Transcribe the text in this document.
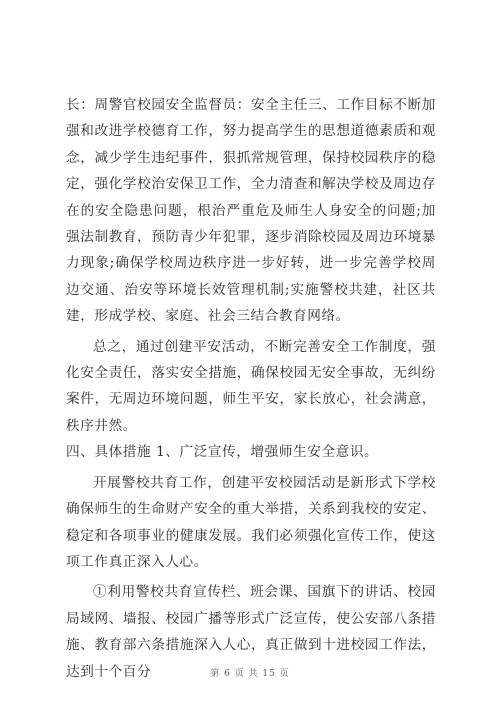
长：周警官校园安全监督员：安全主任三、工作目标不断加强和改进学校德育工作，努力提高学生的思想道德素质和观念，减少学生违纪事件，狠抓常规管理，保持校园秩序的稳定，强化学校治安保卫工作，全力清查和解决学校及周边存在的安全隐患问题，根治严重危及师生人身安全的问题;加强法制教育，预防青少年犯罪，逐步消除校园及周边环境暴力现象;确保学校周边秩序进一步好转，进一步完善学校周边交通、治安等环境长效管理机制;实施警校共建，社区共建，形成学校、家庭、社会三结合教育网络。

总之，通过创建平安活动，不断完善安全工作制度，强化安全责任，落实安全措施，确保校园无安全事故，无纠纷案件，无周边环境问题，师生平安，家长放心，社会满意，秩序井然。

四、具体措施 1、广泛宣传，增强师生安全意识。

开展警校共育工作，创建平安校园活动是新形式下学校确保师生的生命财产安全的重大举措，关系到我校的安定、稳定和各项事业的健康发展。我们必须强化宣传工作，使这项工作真正深入人心。

①利用警校共育宣传栏、班会课、国旗下的讲话、校园局域网、墙报、校园广播等形式广泛宣传，使公安部八条措施、教育部六条措施深入人心，真正做到十进校园工作法，达到十个百分	第 6 页 共 15 页
